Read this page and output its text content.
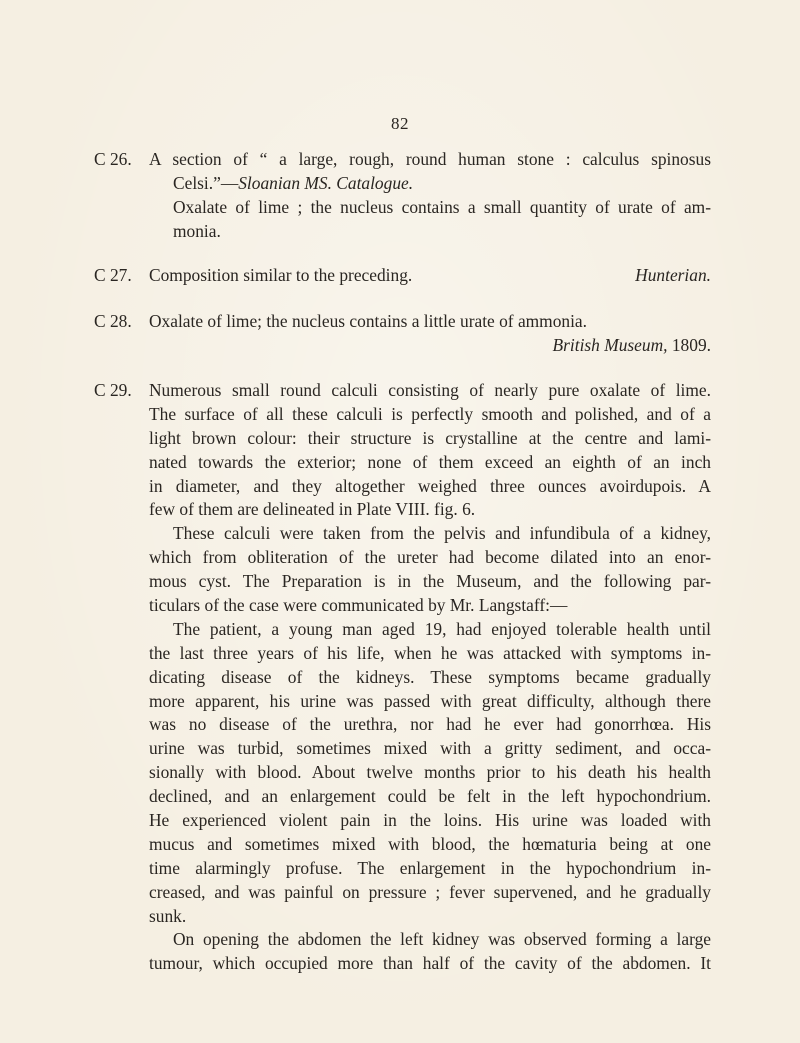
82
C 26. A section of “ a large, rough, round human stone : calculus spinosus
Celsi.”—Sloanian MS. Catalogue.
Oxalate of lime ; the nucleus contains a small quantity of urate of am-
monia.
C 27. Composition similar to the preceding.	Hunterian.
C 28. Oxalate of lime; the nucleus contains a little urate of ammonia.
British Museum, 1809.
C 29. Numerous small round calculi consisting of nearly pure oxalate of lime.
The surface of all these calculi is perfectly smooth and polished, and of a
light brown colour: their structure is crystalline at the centre and lami-
nated towards the exterior; none of them exceed an eighth of an inch
in diameter, and they altogether weighed three ounces avoirdupois. A
few of them are delineated in Plate VIII. fig. 6.
These calculi were taken from the pelvis and infundibula of a kidney,
which from obliteration of the ureter had become dilated into an enor-
mous cyst. The Preparation is in the Museum, and the following par-
ticulars of the case were communicated by Mr. Langstaff:—
The patient, a young man aged 19, had enjoyed tolerable health until
the last three years of his life, when he was attacked with symptoms in-
dicating disease of the kidneys. These symptoms became gradually
more apparent, his urine was passed with great difficulty, although there
was no disease of the urethra, nor had he ever had gonorrhœa. His
urine was turbid, sometimes mixed with a gritty sediment, and occa-
sionally with blood. About twelve months prior to his death his health
declined, and an enlargement could be felt in the left hypochondrium.
He experienced violent pain in the loins. His urine was loaded with
mucus and sometimes mixed with blood, the hœmaturia being at one
time alarmingly profuse. The enlargement in the hypochondrium in-
creased, and was painful on pressure ; fever supervened, and he gradually
sunk.
On opening the abdomen the left kidney was observed forming a large
tumour, which occupied more than half of the cavity of the abdomen. It
